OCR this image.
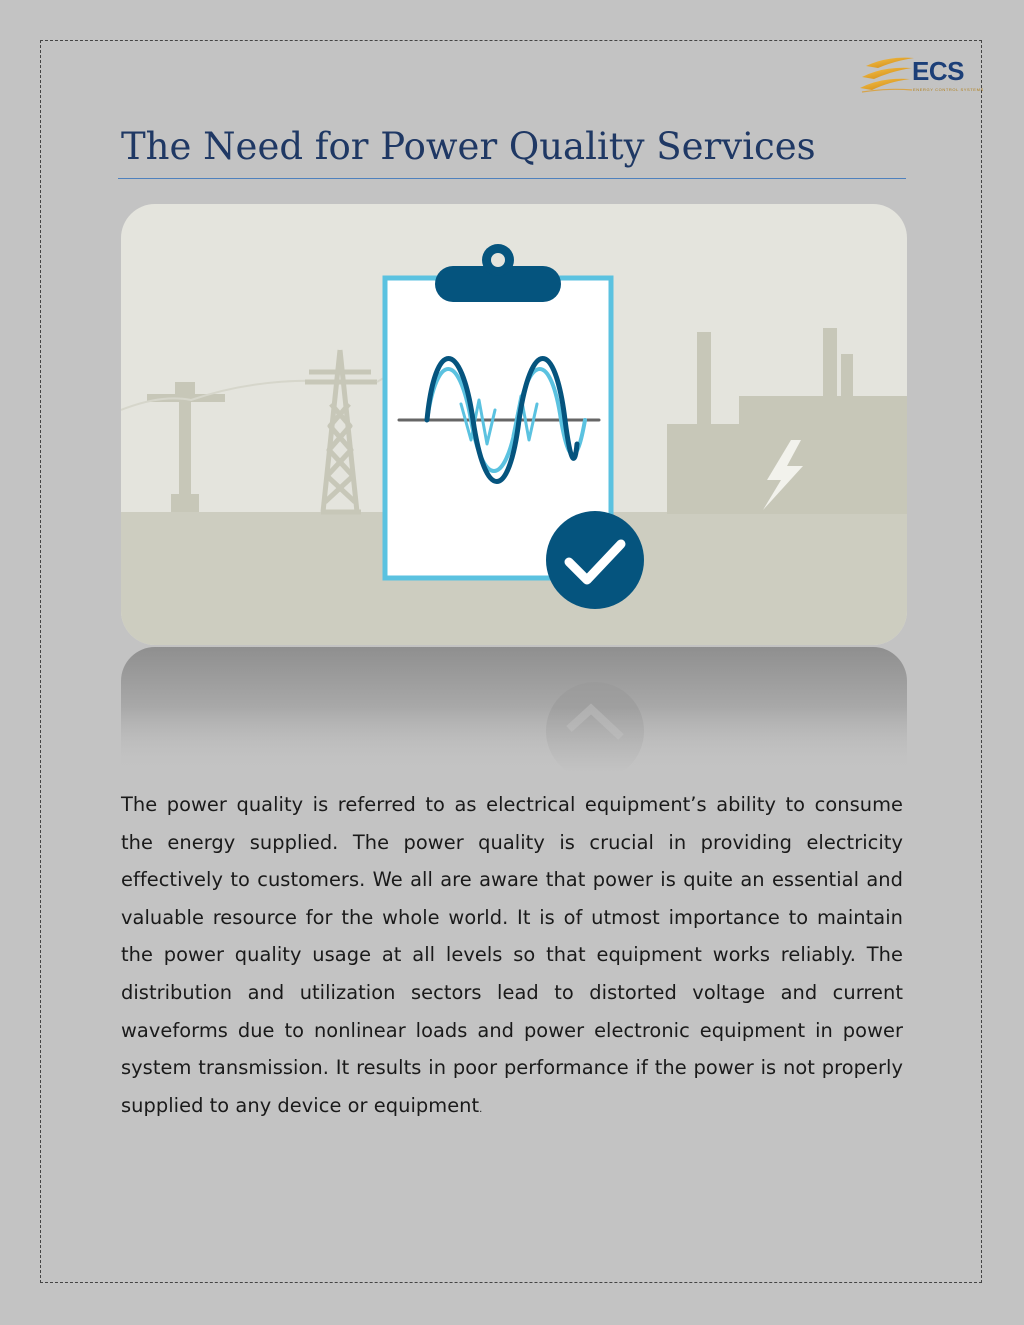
ECS
ENERGY CONTROL SYSTEMS
The Need for Power Quality Services

The power quality is referred to as electrical equipment’s ability to consume the energy supplied. The power quality is crucial in providing electricity effectively to customers. We all are aware that power is quite an essential and valuable resource for the whole world. It is of utmost importance to maintain the power quality usage at all levels so that equipment works reliably. The distribution and utilization sectors lead to distorted voltage and current waveforms due to nonlinear loads and power electronic equipment in power system transmission. It results in poor performance if the power is not properly supplied to any device or equipment.
